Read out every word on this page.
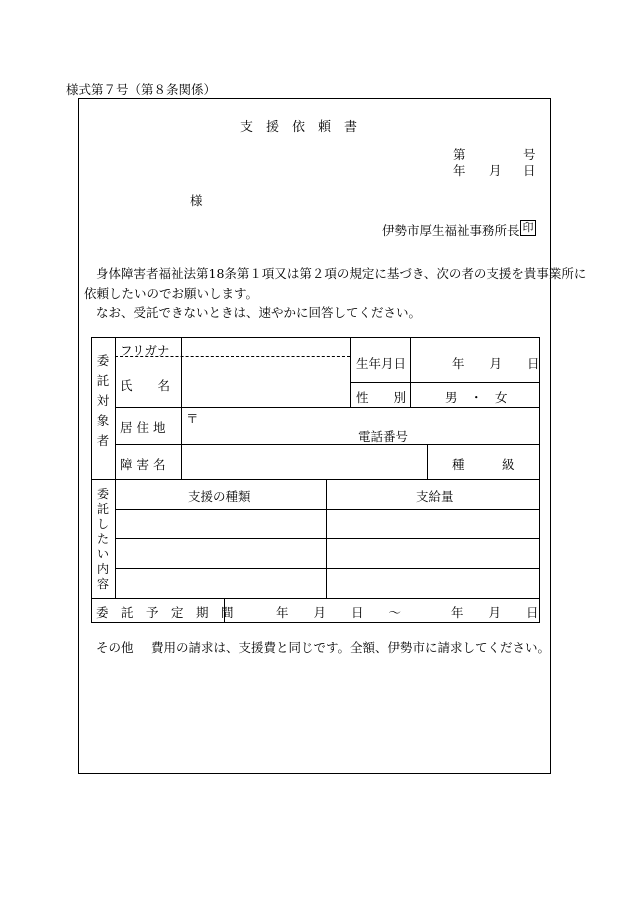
様式第７号（第８条関係）
支　援　依　頼　書
第	号
年 月 日
様
伊勢市厚生福祉事務所長 印
身体障害者福祉法第18条第１項又は第２項の規定に基づき、次の者の支援を貴事業所に
依頼したいのでお願いします。
なお、受託できないときは、速やかに回答してください。
委託対象者
フリガナ
氏　　名
生年月日	年　　月　　日
性　　別	男　・　女
居 住 地
〒
電話番号
障 害 名	種　　　級
委託したい内容
支援の種類	支給量
委　託　予　定　期　間	年　　月　　日　　～　　　　年　　月　　日
その他 費用の請求は、支援費と同じです。全額、伊勢市に請求してください。
